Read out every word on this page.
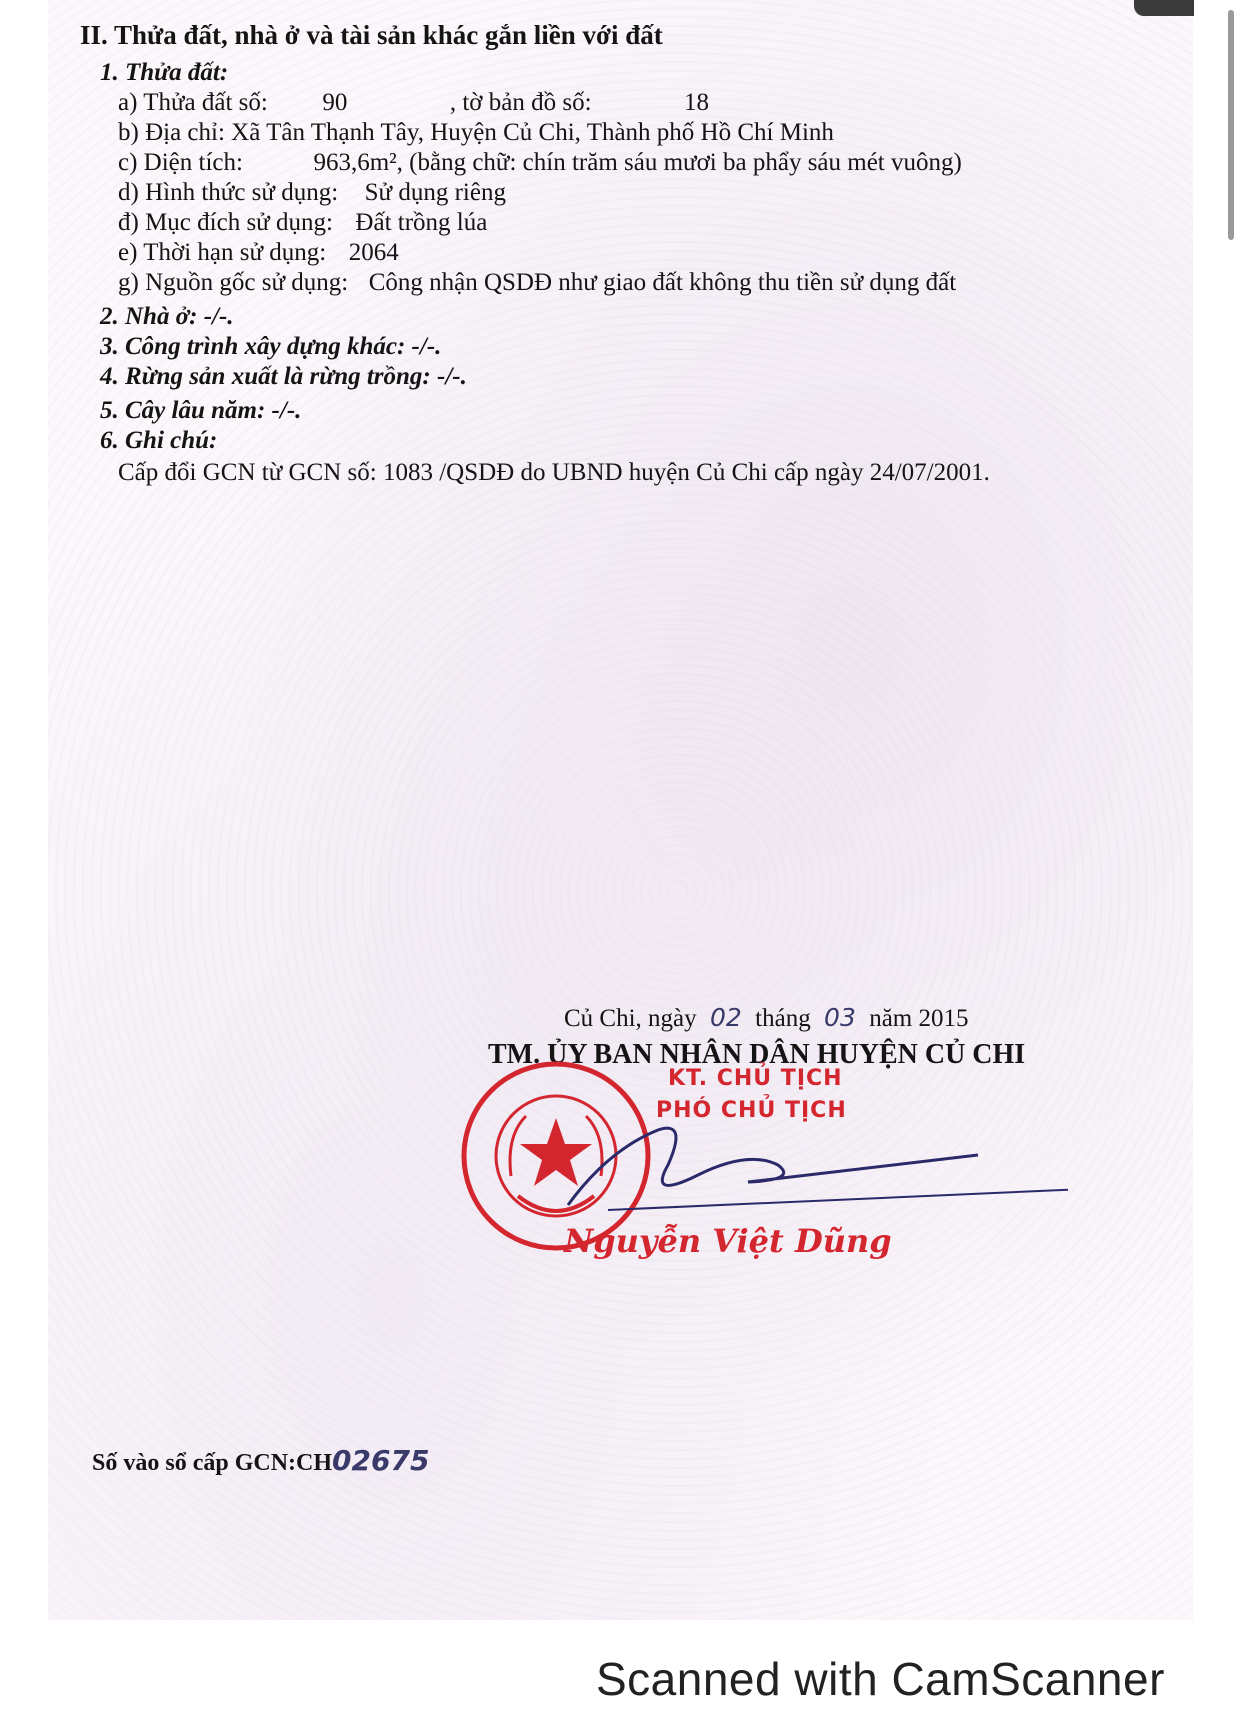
II. Thửa đất, nhà ở và tài sản khác gắn liền với đất
1. Thửa đất:
a) Thửa đất số: 90	, tờ bản đồ số:	18
b) Địa chỉ: Xã Tân Thạnh Tây, Huyện Củ Chi, Thành phố Hồ Chí Minh
c) Diện tích:	963,6m², (bằng chữ: chín trăm sáu mươi ba phẩy sáu mét vuông)
d) Hình thức sử dụng: Sử dụng riêng
đ) Mục đích sử dụng: Đất trồng lúa
e) Thời hạn sử dụng: 2064
g) Nguồn gốc sử dụng: Công nhận QSDĐ như giao đất không thu tiền sử dụng đất
2. Nhà ở: -/-.
3. Công trình xây dựng khác: -/-.
4. Rừng sản xuất là rừng trồng: -/-.
5. Cây lâu năm: -/-.
6. Ghi chú:
Cấp đổi GCN từ GCN số: 1083 /QSDĐ do UBND huyện Củ Chi cấp ngày 24/07/2001.
Củ Chi, ngày 02 tháng 03 năm 2015
TM. ỦY BAN NHÂN DÂN HUYỆN CỦ CHI
KT. CHỦ TỊCH
PHÓ CHỦ TỊCH
Nguyễn Việt Dũng
Số vào sổ cấp GCN:CH02675
Scanned with CamScanner
